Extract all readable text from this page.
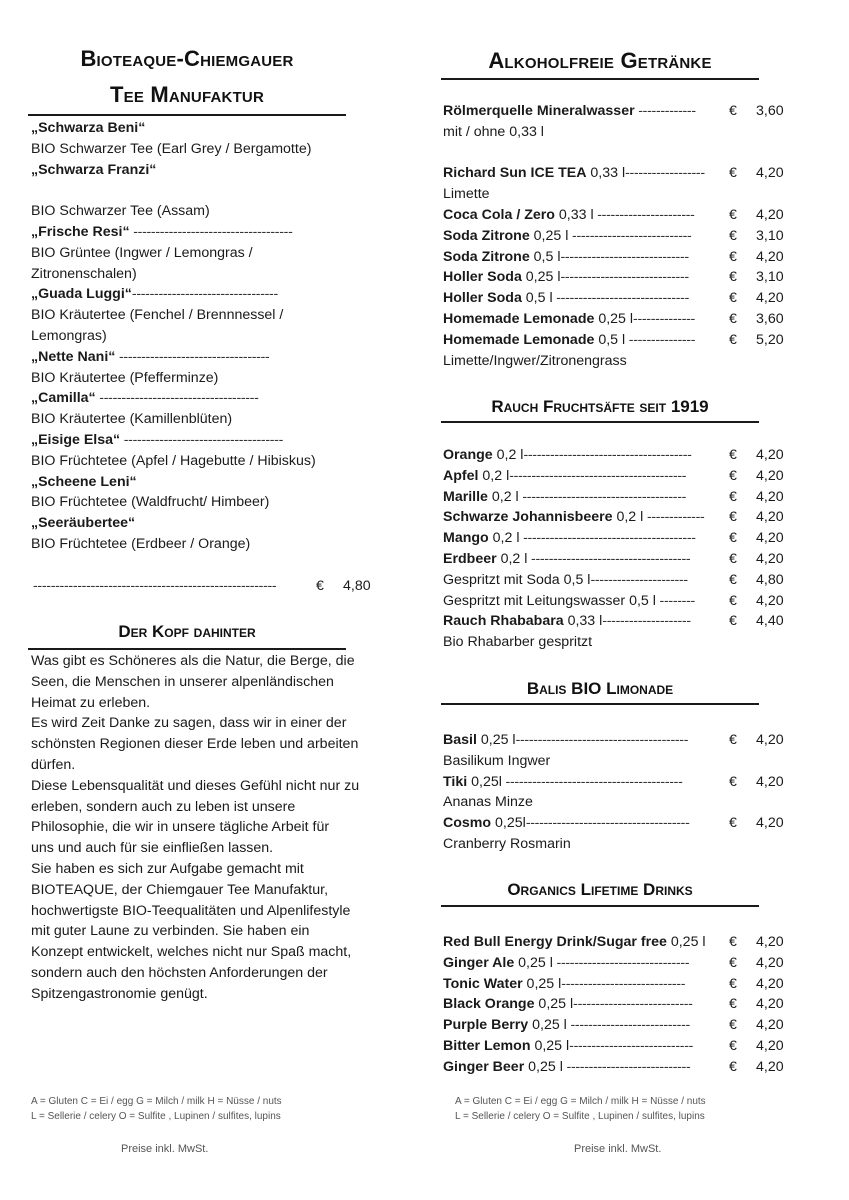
Bioteaque-Chiemgauer
Tee Manufaktur
„Schwarza Beni“
BIO Schwarzer Tee (Earl Grey / Bergamotte)
„Schwarza Franzi“
BIO Schwarzer Tee (Assam)
„Frische Resi“ ------------------------------------
BIO Grüntee (Ingwer / Lemongras /
Zitronenschalen)
„Guada Luggi“---------------------------------
BIO Kräutertee (Fenchel / Brennnessel /
Lemongras)
„Nette Nani“ ----------------------------------
BIO Kräutertee (Pfefferminze)
„Camilla“ ------------------------------------
BIO Kräutertee (Kamillenblüten)
„Eisige Elsa“ ------------------------------------
BIO Früchtetee (Apfel / Hagebutte / Hibiskus)
„Scheene Leni“
BIO Früchtetee (Waldfrucht/ Himbeer)
„Seeräubertee“
BIO Früchtetee (Erdbeer / Orange)
-------------------------------------------------------	€ 4,80
Der Kopf dahinter
Was gibt es Schöneres als die Natur, die Berge, die
Seen, die Menschen in unserer alpenländischen
Heimat zu erleben.
Es wird Zeit Danke zu sagen, dass wir in einer der
schönsten Regionen dieser Erde leben und arbeiten
dürfen.
Diese Lebensqualität und dieses Gefühl nicht nur zu
erleben, sondern auch zu leben ist unsere
Philosophie, die wir in unsere tägliche Arbeit für
uns und auch für sie einfließen lassen.
Sie haben es sich zur Aufgabe gemacht mit
BIOTEAQUE, der Chiemgauer Tee Manufaktur,
hochwertigste BIO-Teequalitäten und Alpenlifestyle
mit guter Laune zu verbinden. Sie haben ein
Konzept entwickelt, welches nicht nur Spaß macht,
sondern auch den höchsten Anforderungen der
Spitzengastronomie genügt.
A = Gluten C = Ei / egg G = Milch / milk H = Nüsse / nuts
L = Sellerie / celery O = Sulfite , Lupinen / sulfites, lupins
Preise inkl. MwSt.
Alkoholfreie Getränke
Rölmerquelle Mineralwasser ------------- € 3,60
mit / ohne 0,33 l
Richard Sun ICE TEA 0,33 l------------------ € 4,20
Limette
Coca Cola / Zero 0,33 l ---------------------- € 4,20
Soda Zitrone 0,25 l ---------------------------	€ 3,10
Soda Zitrone 0,5 l-----------------------------	€ 4,20
Holler Soda 0,25 l-----------------------------	€ 3,10
Holler Soda 0,5 l ------------------------------	€ 4,20
Homemade Lemonade 0,25 l-------------- € 3,60
Homemade Lemonade 0,5 l --------------- € 5,20
Limette/Ingwer/Zitronengrass
Rauch Fruchtsäfte seit 1919
Orange 0,2 l--------------------------------------	€ 4,20
Apfel 0,2 l----------------------------------------	€ 4,20
Marille 0,2 l -------------------------------------	€ 4,20
Schwarze Johannisbeere 0,2 l ------------- € 4,20
Mango 0,2 l --------------------------------------- € 4,20
Erdbeer 0,2 l ------------------------------------	€ 4,20
Gespritzt mit Soda 0,5 l----------------------	€ 4,80
Gespritzt mit Leitungswasser 0,5 l -------- € 4,20
Rauch Rhababara 0,33 l--------------------	€ 4,40
Bio Rhabarber gespritzt
Balis BIO Limonade
Basil 0,25 l---------------------------------------	€ 4,20
Basilikum Ingwer
Tiki 0,25l ----------------------------------------	€ 4,20
Ananas Minze
Cosmo 0,25l-------------------------------------	€ 4,20
Cranberry Rosmarin
Organics Lifetime Drinks
Red Bull Energy Drink/Sugar free 0,25 l € 4,20
Ginger Ale 0,25 l ------------------------------	€ 4,20
Tonic Water 0,25 l----------------------------	€ 4,20
Black Orange 0,25 l---------------------------	€ 4,20
Purple Berry 0,25 l ---------------------------	€ 4,20
Bitter Lemon 0,25 l----------------------------	€ 4,20
Ginger Beer 0,25 l ----------------------------	€ 4,20
A = Gluten C = Ei / egg G = Milch / milk H = Nüsse / nuts
L = Sellerie / celery O = Sulfite , Lupinen / sulfites, lupins
Preise inkl. MwSt.
